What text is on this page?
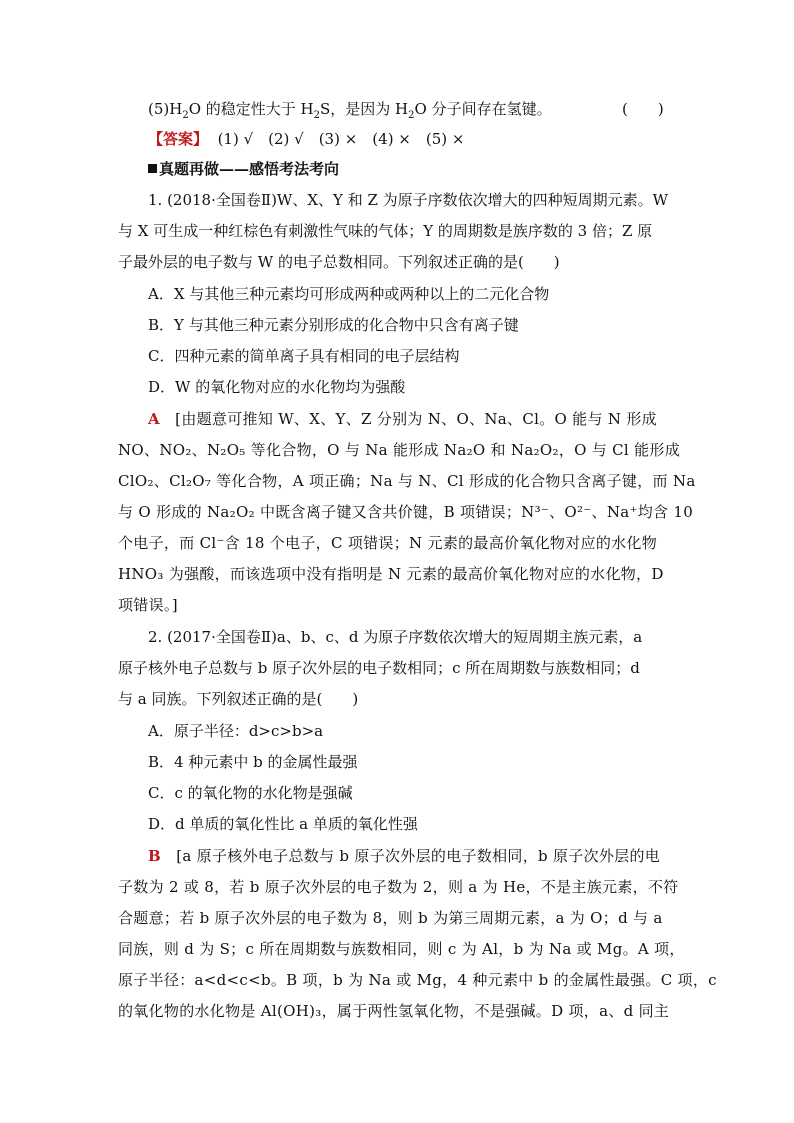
$(5)H_2O$ 的稳定性大于 $H_2S$，是因为 $H_2O$ 分子间存在氢键。	(　　)
【答案】 (1) √　(2) √　(3) ×　(4) ×　(5) ×
真题再做——感悟考法考向
1. (2018·全国卷Ⅱ)W、X、Y 和 Z 为原子序数依次增大的四种短周期元素。W
与 X 可生成一种红棕色有刺激性气味的气体；Y 的周期数是族序数的 3 倍；Z 原
子最外层的电子数与 W 的电子总数相同。下列叙述正确的是(　　)
A．X 与其他三种元素均可形成两种或两种以上的二元化合物
B．Y 与其他三种元素分别形成的化合物中只含有离子键
C．四种元素的简单离子具有相同的电子层结构
D．W 的氧化物对应的水化物均为强酸
A [由题意可推知 W、X、Y、Z 分别为 N、O、Na、Cl。O 能与 N 形成
NO、NO₂、N₂O₅ 等化合物，O 与 Na 能形成 Na₂O 和 Na₂O₂，O 与 Cl 能形成
ClO₂、Cl₂O₇ 等化合物，A 项正确；Na 与 N、Cl 形成的化合物只含离子键，而 Na
与 O 形成的 Na₂O₂ 中既含离子键又含共价键，B 项错误；N³⁻、O²⁻、Na⁺均含 10
个电子，而 Cl⁻含 18 个电子，C 项错误；N 元素的最高价氧化物对应的水化物
HNO₃ 为强酸，而该选项中没有指明是 N 元素的最高价氧化物对应的水化物，D
项错误。]
2. (2017·全国卷Ⅱ)a、b、c、d 为原子序数依次增大的短周期主族元素，a
原子核外电子总数与 b 原子次外层的电子数相同；c 所在周期数与族数相同；d
与 a 同族。下列叙述正确的是(　　)
A．原子半径：d>c>b>a
B．4 种元素中 b 的金属性最强
C．c 的氧化物的水化物是强碱
D．d 单质的氧化性比 a 单质的氧化性强
B [a 原子核外电子总数与 b 原子次外层的电子数相同，b 原子次外层的电
子数为 2 或 8，若 b 原子次外层的电子数为 2，则 a 为 He，不是主族元素，不符
合题意；若 b 原子次外层的电子数为 8，则 b 为第三周期元素，a 为 O；d 与 a
同族，则 d 为 S；c 所在周期数与族数相同，则 c 为 Al，b 为 Na 或 Mg。A 项，
原子半径：a<d<c<b。B 项，b 为 Na 或 Mg，4 种元素中 b 的金属性最强。C 项，c
的氧化物的水化物是 Al(OH)₃，属于两性氢氧化物，不是强碱。D 项，a、d 同主
